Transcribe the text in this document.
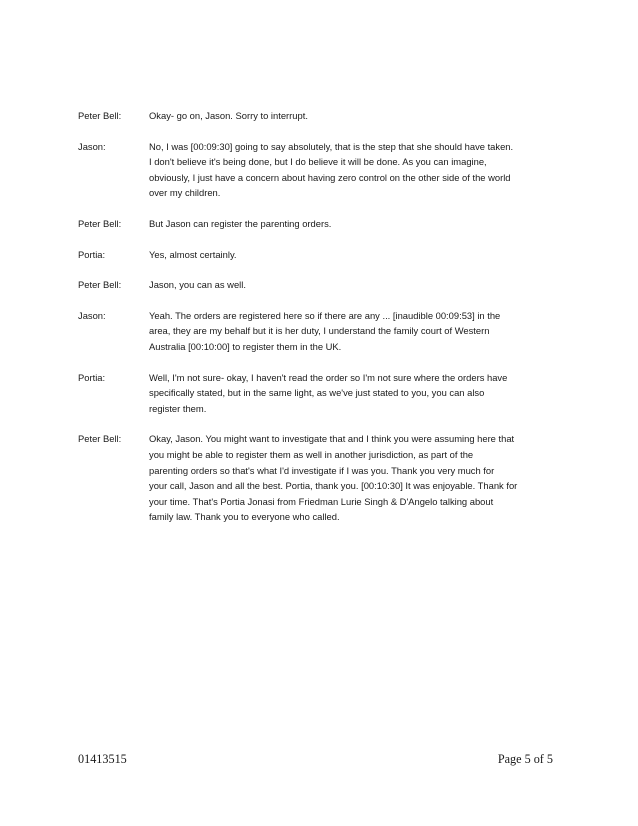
Peter Bell:	Okay- go on, Jason. Sorry to interrupt.
Jason:	No, I was [00:09:30] going to say absolutely, that is the step that she should have taken.
I don't believe it's being done, but I do believe it will be done. As you can imagine,
obviously, I just have a concern about having zero control on the other side of the world
over my children.
Peter Bell:	But Jason can register the parenting orders.
Portia:	Yes, almost certainly.
Peter Bell:	Jason, you can as well.
Jason:	Yeah. The orders are registered here so if there are any ... [inaudible 00:09:53] in the
area, they are my behalf but it is her duty, I understand the family court of Western
Australia [00:10:00] to register them in the UK.
Portia:	Well, I'm not sure- okay, I haven't read the order so I'm not sure where the orders have
specifically stated, but in the same light, as we've just stated to you, you can also
register them.
Peter Bell:	Okay, Jason. You might want to investigate that and I think you were assuming here that
you might be able to register them as well in another jurisdiction, as part of the
parenting orders so that's what I'd investigate if I was you. Thank you very much for
your call, Jason and all the best. Portia, thank you. [00:10:30] It was enjoyable. Thank for
your time. That's Portia Jonasi from Friedman Lurie Singh & D'Angelo talking about
family law. Thank you to everyone who called.
01413515	Page 5 of 5
